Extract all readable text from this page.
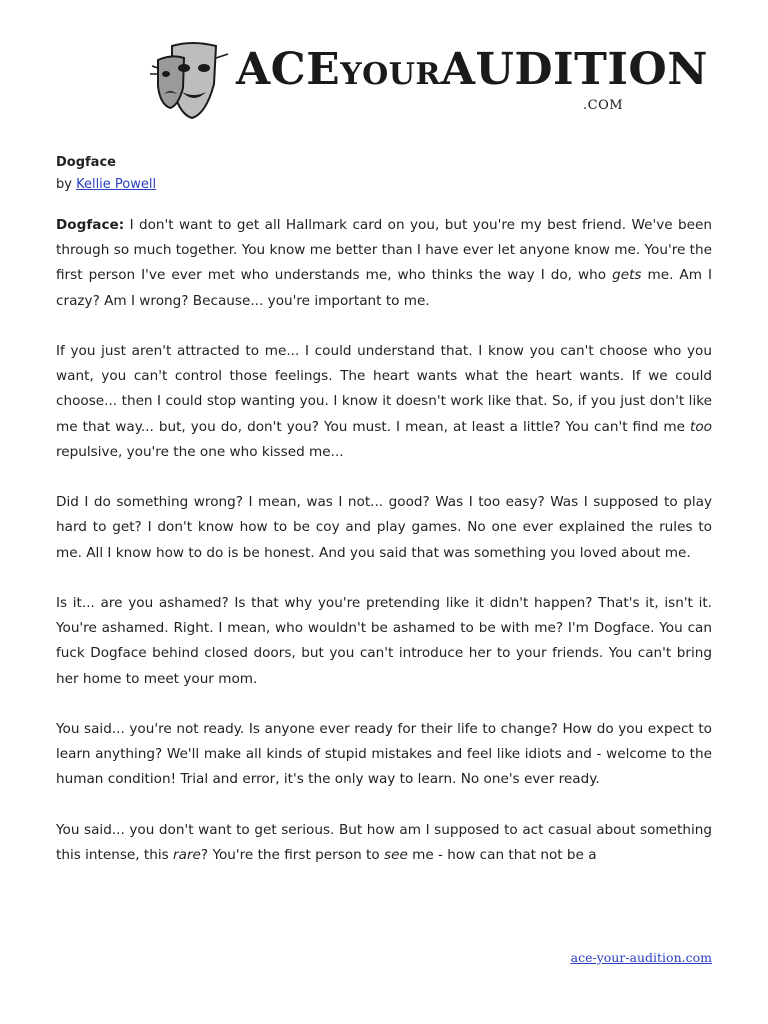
ACEYOURAUDITION
.COM
Dogface
by Kellie Powell

Dogface: I don't want to get all Hallmark card on you, but you're my best friend. We've been through so much together. You know me better than I have ever let anyone know me. You're the first person I've ever met who understands me, who thinks the way I do, who gets me. Am I crazy? Am I wrong? Because... you're important to me.

If you just aren't attracted to me... I could understand that. I know you can't choose who you want, you can't control those feelings. The heart wants what the heart wants. If we could choose... then I could stop wanting you. I know it doesn't work like that. So, if you just don't like me that way... but, you do, don't you? You must. I mean, at least a little? You can't find me too repulsive, you're the one who kissed me...

Did I do something wrong? I mean, was I not... good? Was I too easy? Was I supposed to play hard to get? I don't know how to be coy and play games. No one ever explained the rules to me. All I know how to do is be honest. And you said that was something you loved about me.

Is it... are you ashamed? Is that why you're pretending like it didn't happen? That's it, isn't it. You're ashamed. Right. I mean, who wouldn't be ashamed to be with me? I'm Dogface. You can fuck Dogface behind closed doors, but you can't introduce her to your friends. You can't bring her home to meet your mom.

You said... you're not ready. Is anyone ever ready for their life to change? How do you expect to learn anything? We'll make all kinds of stupid mistakes and feel like idiots and - welcome to the human condition! Trial and error, it's the only way to learn. No one's ever ready.

You said... you don't want to get serious. But how am I supposed to act casual about something this intense, this rare? You're the first person to see me - how can that not be a

ace-your-audition.com
